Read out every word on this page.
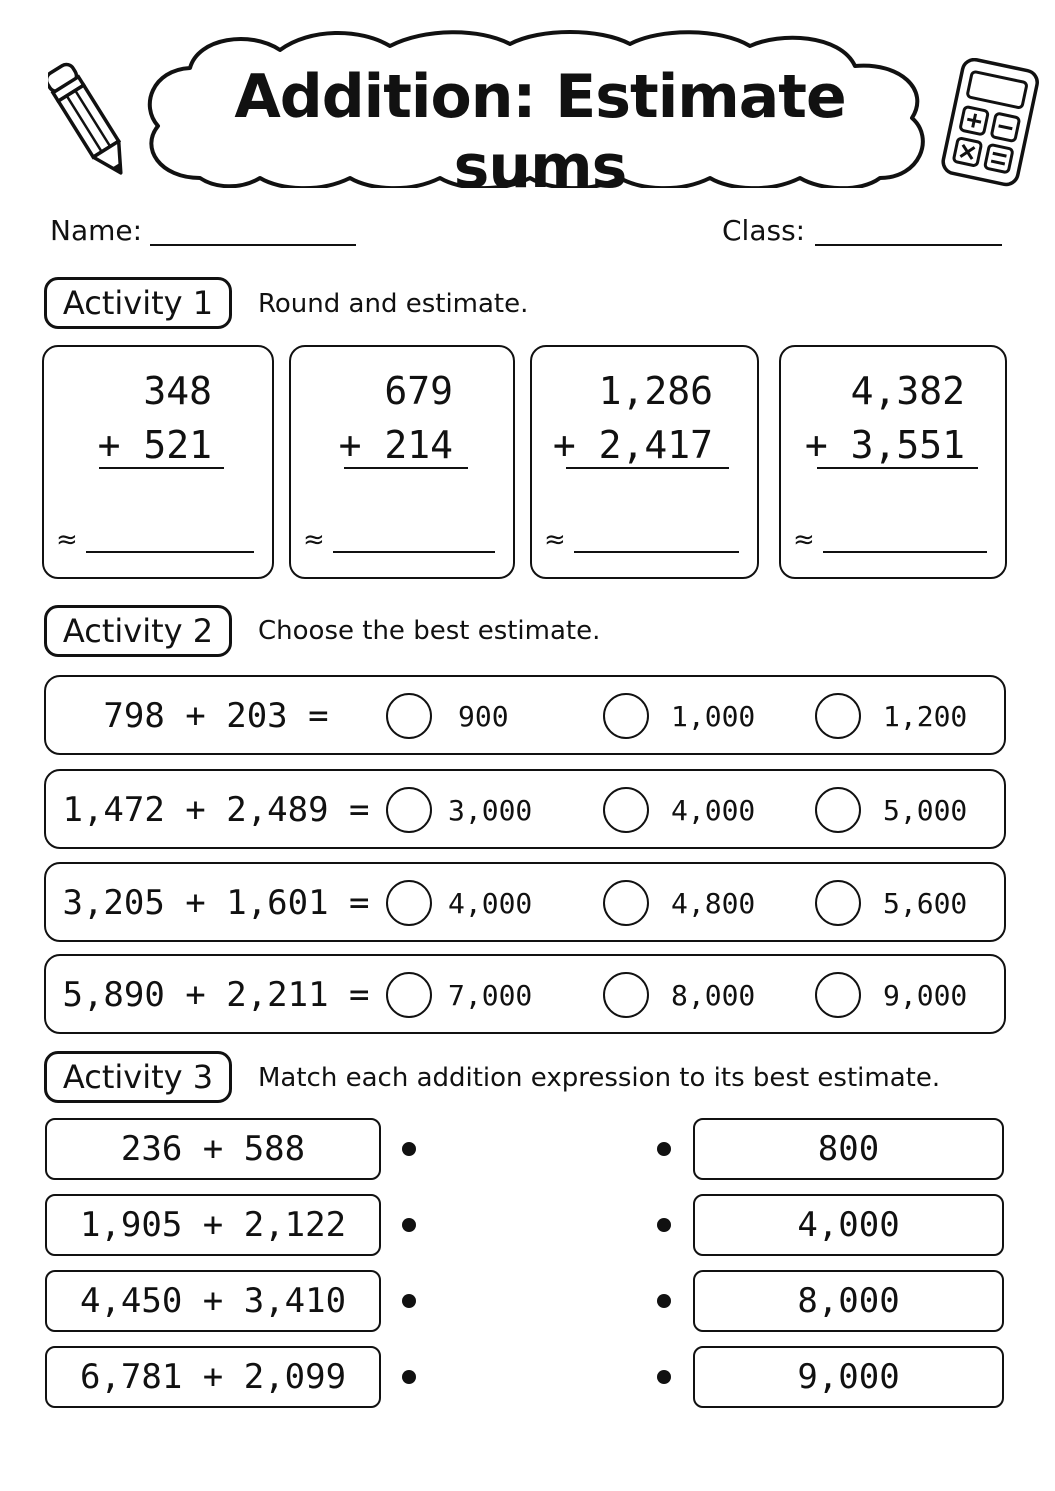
Addition: Estimate sums
Name:	Class:
Activity 1	Round and estimate.
348
+ 521
≈
679
+ 214
≈
1,286
+ 2,417
≈
4,382
+ 3,551
≈
Activity 2	Choose the best estimate.
798 + 203 =	900	1,000	1,200
1,472 + 2,489 =	3,000	4,000	5,000
3,205 + 1,601 =	4,000	4,800	5,600
5,890 + 2,211 =	7,000	8,000	9,000
Activity 3	Match each addition expression to its best estimate.
236 + 588	800
1,905 + 2,122	4,000
4,450 + 3,410	8,000
6,781 + 2,099	9,000
